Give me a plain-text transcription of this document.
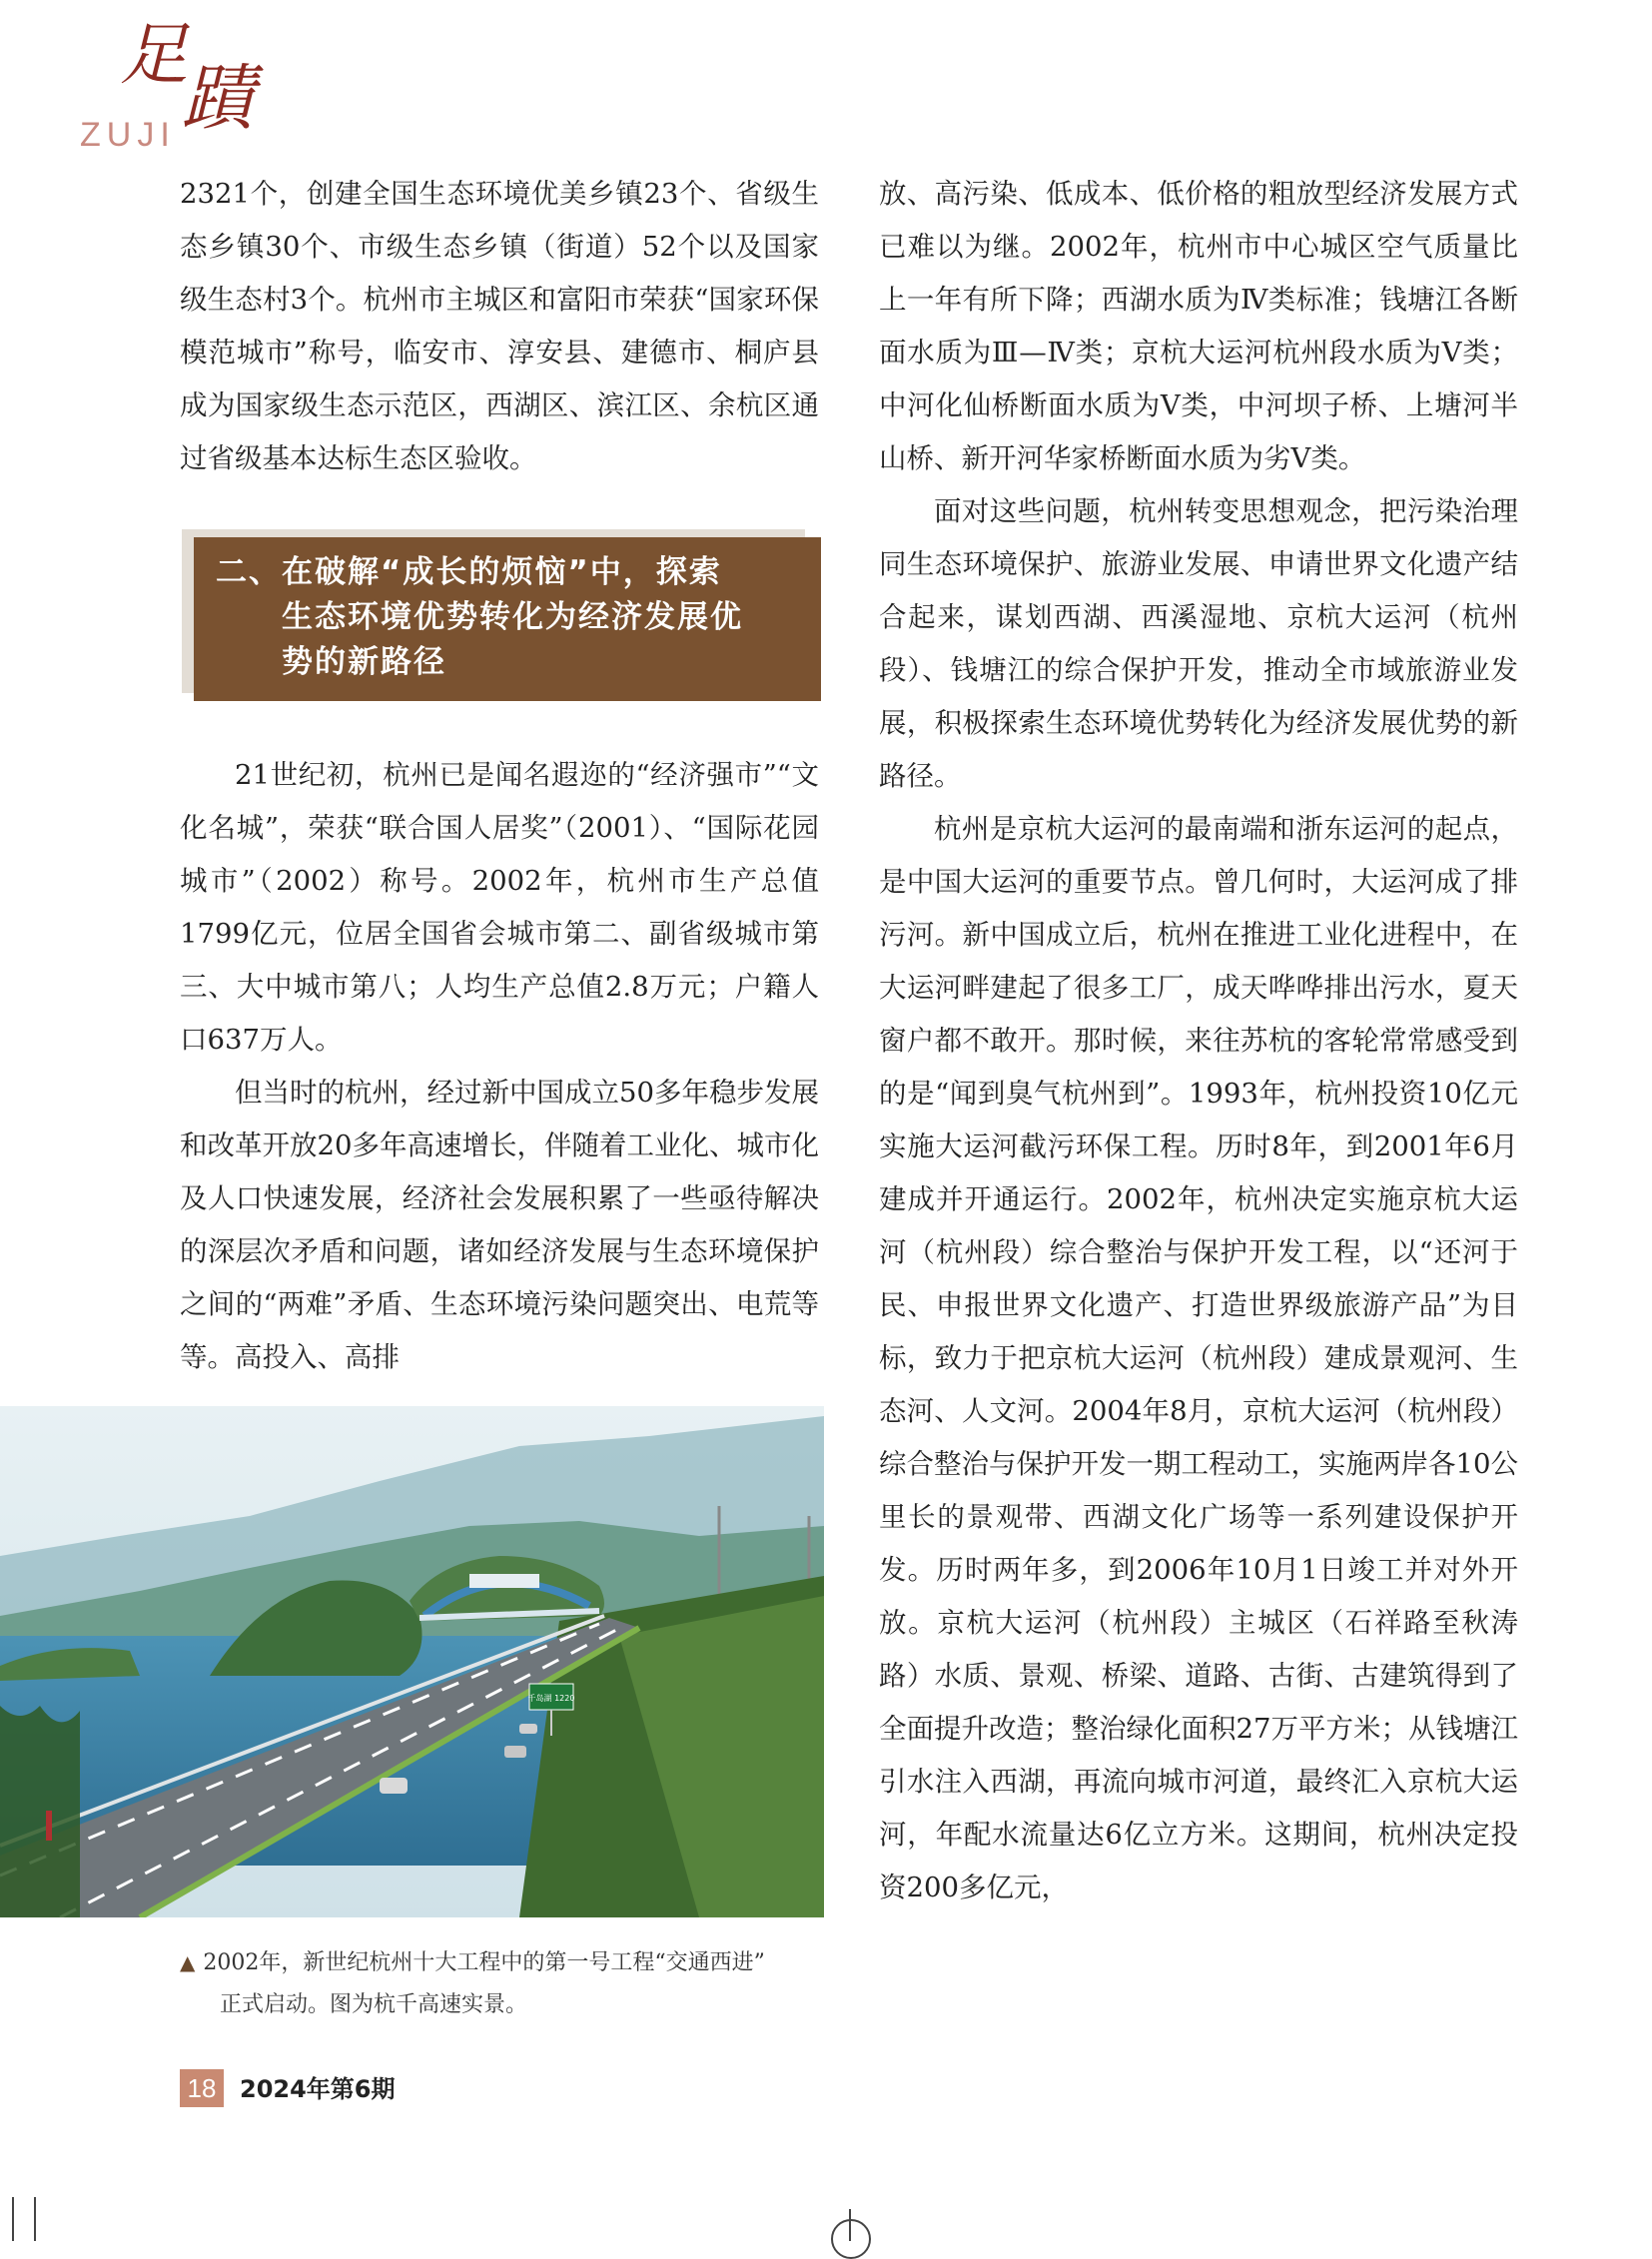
足
蹟
ZUJI

2321个，创建全国生态环境优美乡镇23个、省级生态乡镇30个、市级生态乡镇（街道）52个以及国家级生态村3个。杭州市主城区和富阳市荣获“国家环保模范城市”称号，临安市、淳安县、建德市、桐庐县成为国家级生态示范区，西湖区、滨江区、余杭区通过省级基本达标生态区验收。

二、在破解“成长的烦恼”中，探索
生态环境优势转化为经济发展优
势的新路径

21世纪初，杭州已是闻名遐迩的“经济强市”“文化名城”，荣获“联合国人居奖”（2001）、“国际花园城市”（2002）称号。2002年，杭州市生产总值1799亿元，位居全国省会城市第二、副省级城市第三、大中城市第八；人均生产总值2.8万元；户籍人口637万人。

但当时的杭州，经过新中国成立50多年稳步发展和改革开放20多年高速增长，伴随着工业化、城市化及人口快速发展，经济社会发展积累了一些亟待解决的深层次矛盾和问题，诸如经济发展与生态环境保护之间的“两难”矛盾、生态环境污染问题突出、电荒等等。高投入、高排

千岛湖 1220
▲ 2002年，新世纪杭州十大工程中的第一号工程“交通西进”
正式启动。图为杭千高速实景。

放、高污染、低成本、低价格的粗放型经济发展方式已难以为继。2002年，杭州市中心城区空气质量比上一年有所下降；西湖水质为Ⅳ类标准；钱塘江各断面水质为Ⅲ—Ⅳ类；京杭大运河杭州段水质为Ⅴ类；中河化仙桥断面水质为Ⅴ类，中河坝子桥、上塘河半山桥、新开河华家桥断面水质为劣Ⅴ类。

面对这些问题，杭州转变思想观念，把污染治理同生态环境保护、旅游业发展、申请世界文化遗产结合起来，谋划西湖、西溪湿地、京杭大运河（杭州段）、钱塘江的综合保护开发，推动全市域旅游业发展，积极探索生态环境优势转化为经济发展优势的新路径。

杭州是京杭大运河的最南端和浙东运河的起点，是中国大运河的重要节点。曾几何时，大运河成了排污河。新中国成立后，杭州在推进工业化进程中，在大运河畔建起了很多工厂，成天哗哗排出污水，夏天窗户都不敢开。那时候，来往苏杭的客轮常常感受到的是“闻到臭气杭州到”。1993年，杭州投资10亿元实施大运河截污环保工程。历时8年，到2001年6月建成并开通运行。2002年，杭州决定实施京杭大运河（杭州段）综合整治与保护开发工程，以“还河于民、申报世界文化遗产、打造世界级旅游产品”为目标，致力于把京杭大运河（杭州段）建成景观河、生态河、人文河。2004年8月，京杭大运河（杭州段）综合整治与保护开发一期工程动工，实施两岸各10公里长的景观带、西湖文化广场等一系列建设保护开发。历时两年多，到2006年10月1日竣工并对外开放。京杭大运河（杭州段）主城区（石祥路至秋涛路）水质、景观、桥梁、道路、古街、古建筑得到了全面提升改造；整治绿化面积27万平方米；从钱塘江引水注入西湖，再流向城市河道，最终汇入京杭大运河，年配水流量达6亿立方米。这期间，杭州决定投资200多亿元，

18 2024年第6期
